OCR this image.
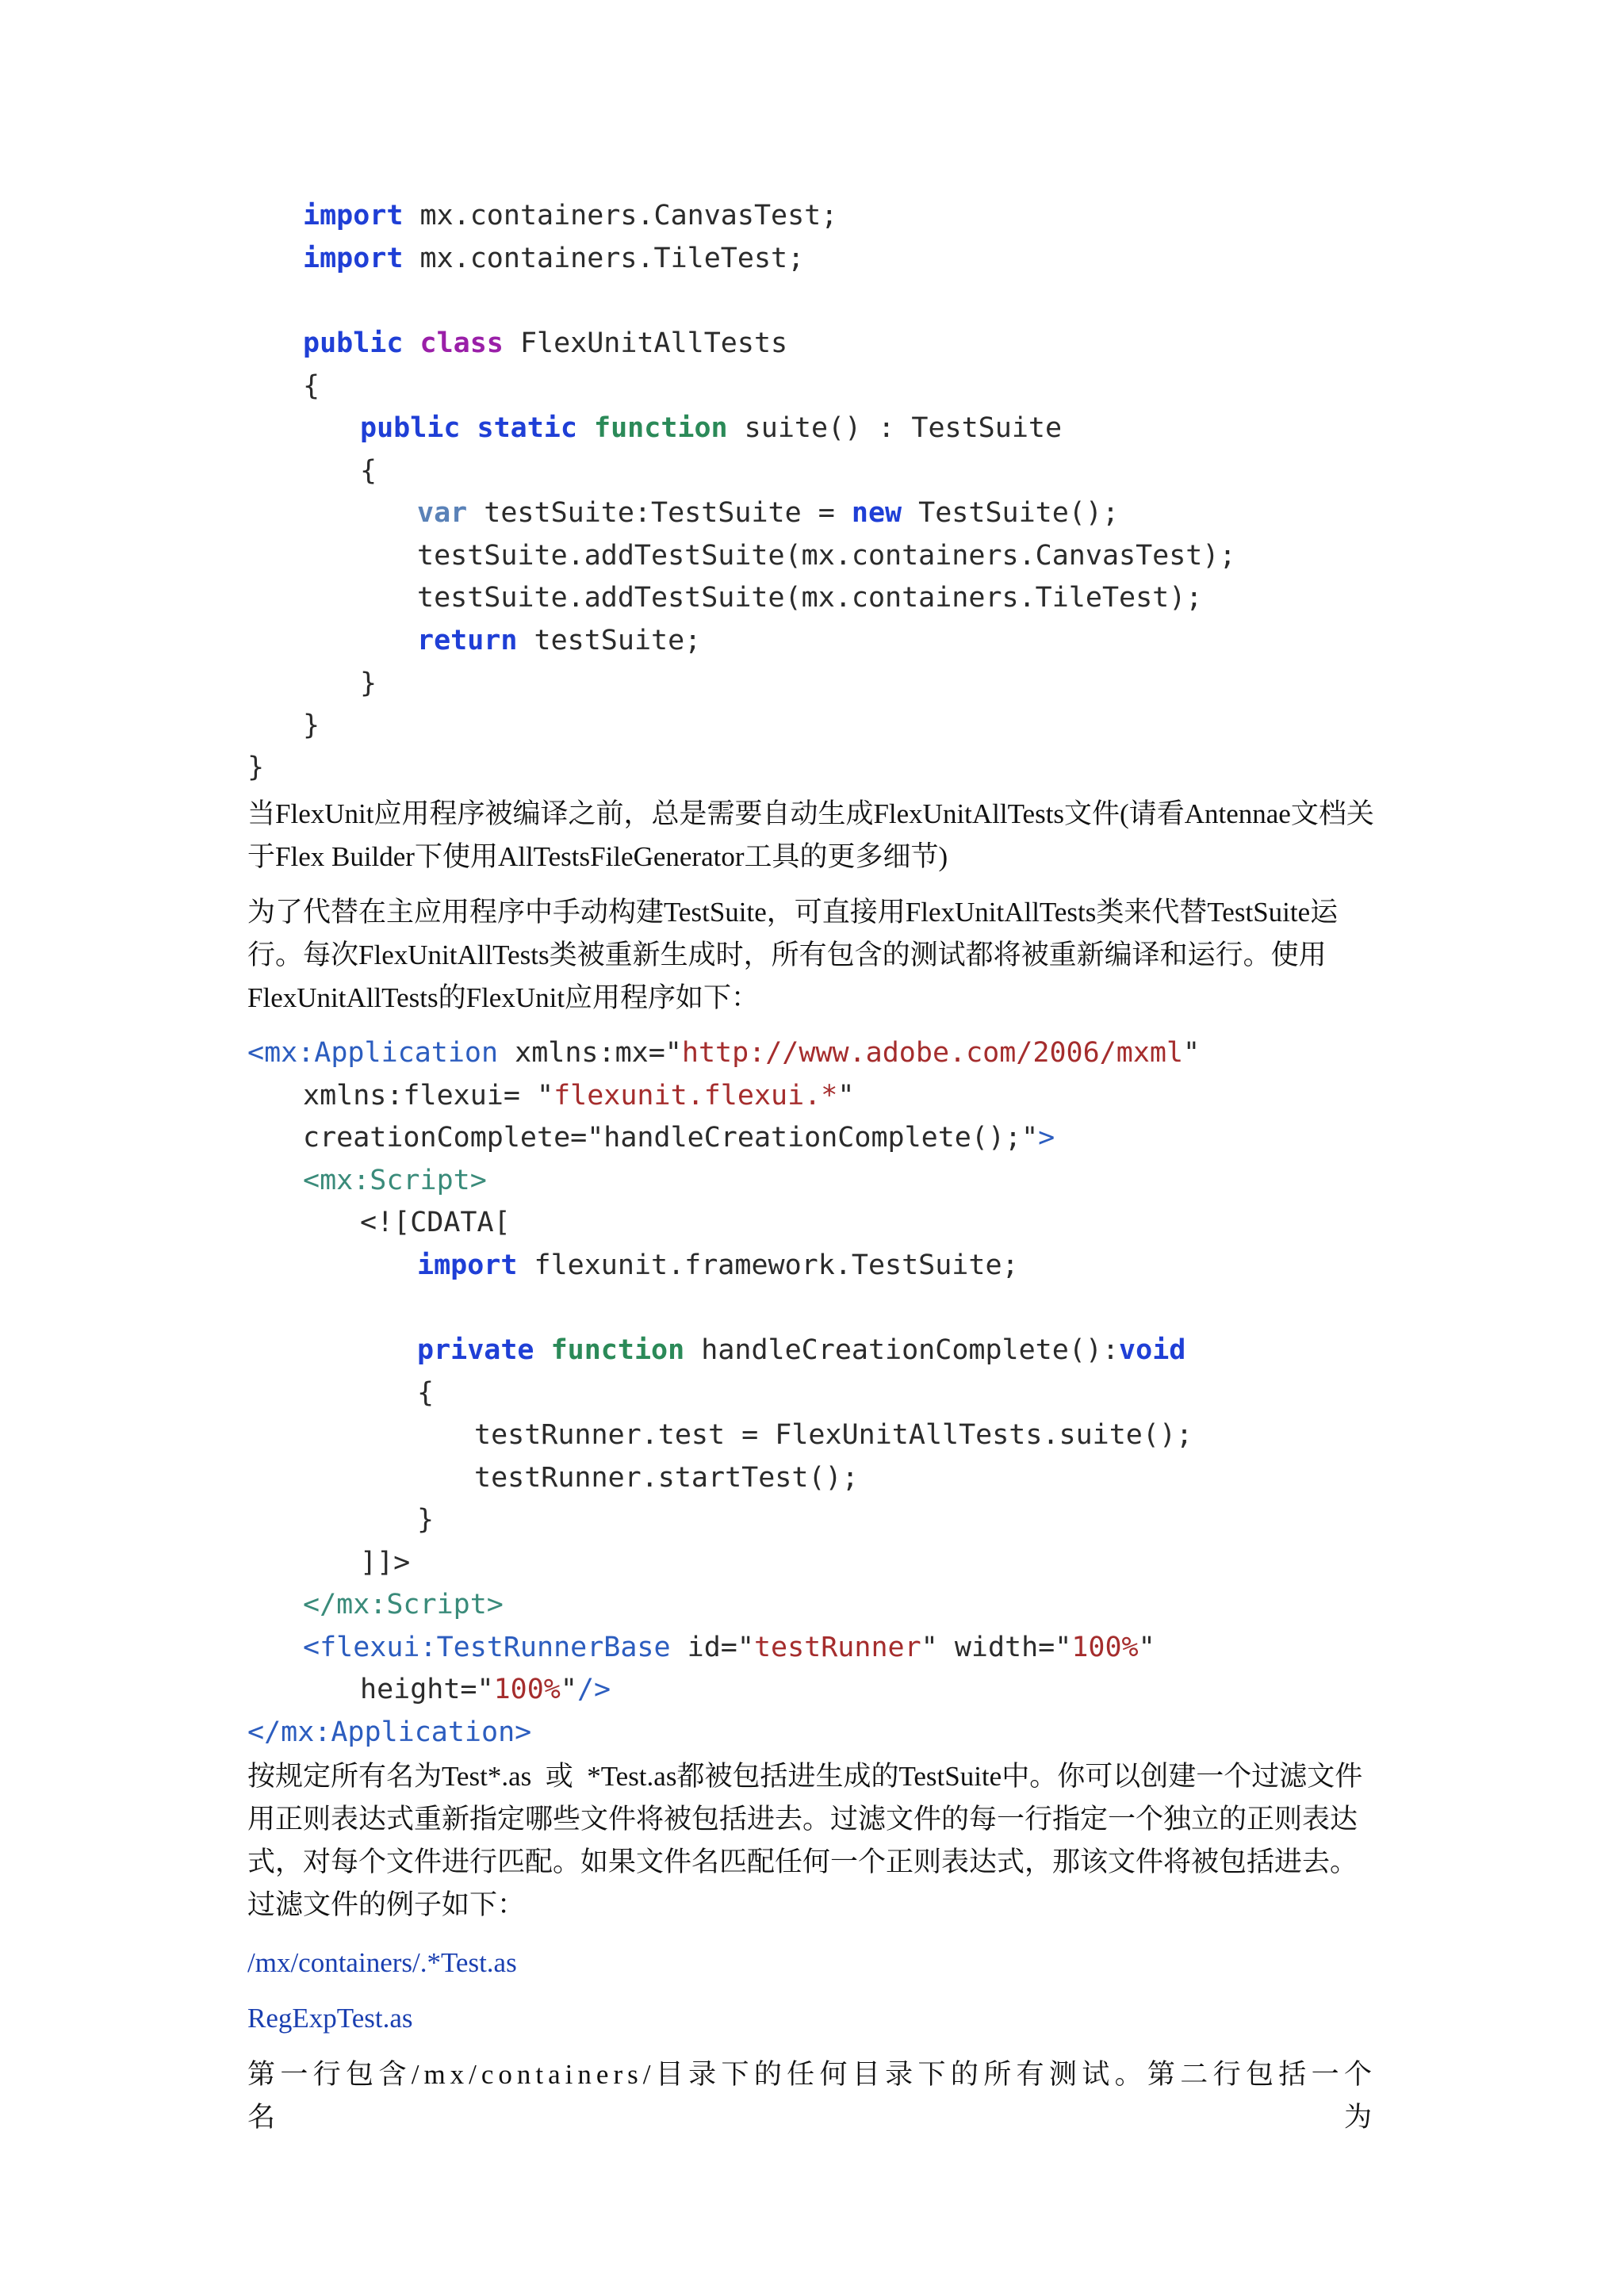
import mx.containers.CanvasTest;
import mx.containers.TileTest;
public class FlexUnitAllTests
{
public static function suite() : TestSuite
{
var testSuite:TestSuite = new TestSuite();
testSuite.addTestSuite(mx.containers.CanvasTest);
testSuite.addTestSuite(mx.containers.TileTest);
return testSuite;
}
}
}

当FlexUnit应用程序被编译之前，总是需要自动生成FlexUnitAllTests文件(请看Antennae文档关于Flex Builder下使用AllTestsFileGenerator工具的更多细节)

为了代替在主应用程序中手动构建TestSuite，可直接用FlexUnitAllTests类来代替TestSuite运行。每次FlexUnitAllTests类被重新生成时，所有包含的测试都将被重新编译和运行。使用FlexUnitAllTests的FlexUnit应用程序如下：

<mx:Application xmlns:mx="http://www.adobe.com/2006/mxml"
xmlns:flexui= "flexunit.flexui.*"
creationComplete="handleCreationComplete();">
<mx:Script>
<![CDATA[
import flexunit.framework.TestSuite;
private function handleCreationComplete():void
{
testRunner.test = FlexUnitAllTests.suite();
testRunner.startTest();
}
]]>
</mx:Script>
<flexui:TestRunnerBase id="testRunner" width="100%"
height="100%"/>
</mx:Application>

按规定所有名为Test*.as  或  *Test.as都被包括进生成的TestSuite中。你可以创建一个过滤文件用正则表达式重新指定哪些文件将被包括进去。过滤文件的每一行指定一个独立的正则表达式，对每个文件进行匹配。如果文件名匹配任何一个正则表达式，那该文件将被包括进去。过滤文件的例子如下：

/mx/containers/.*Test.as
RegExpTest.as

第一行包含/mx/containers/目录下的任何目录下的所有测试。第二行包括一个名为
